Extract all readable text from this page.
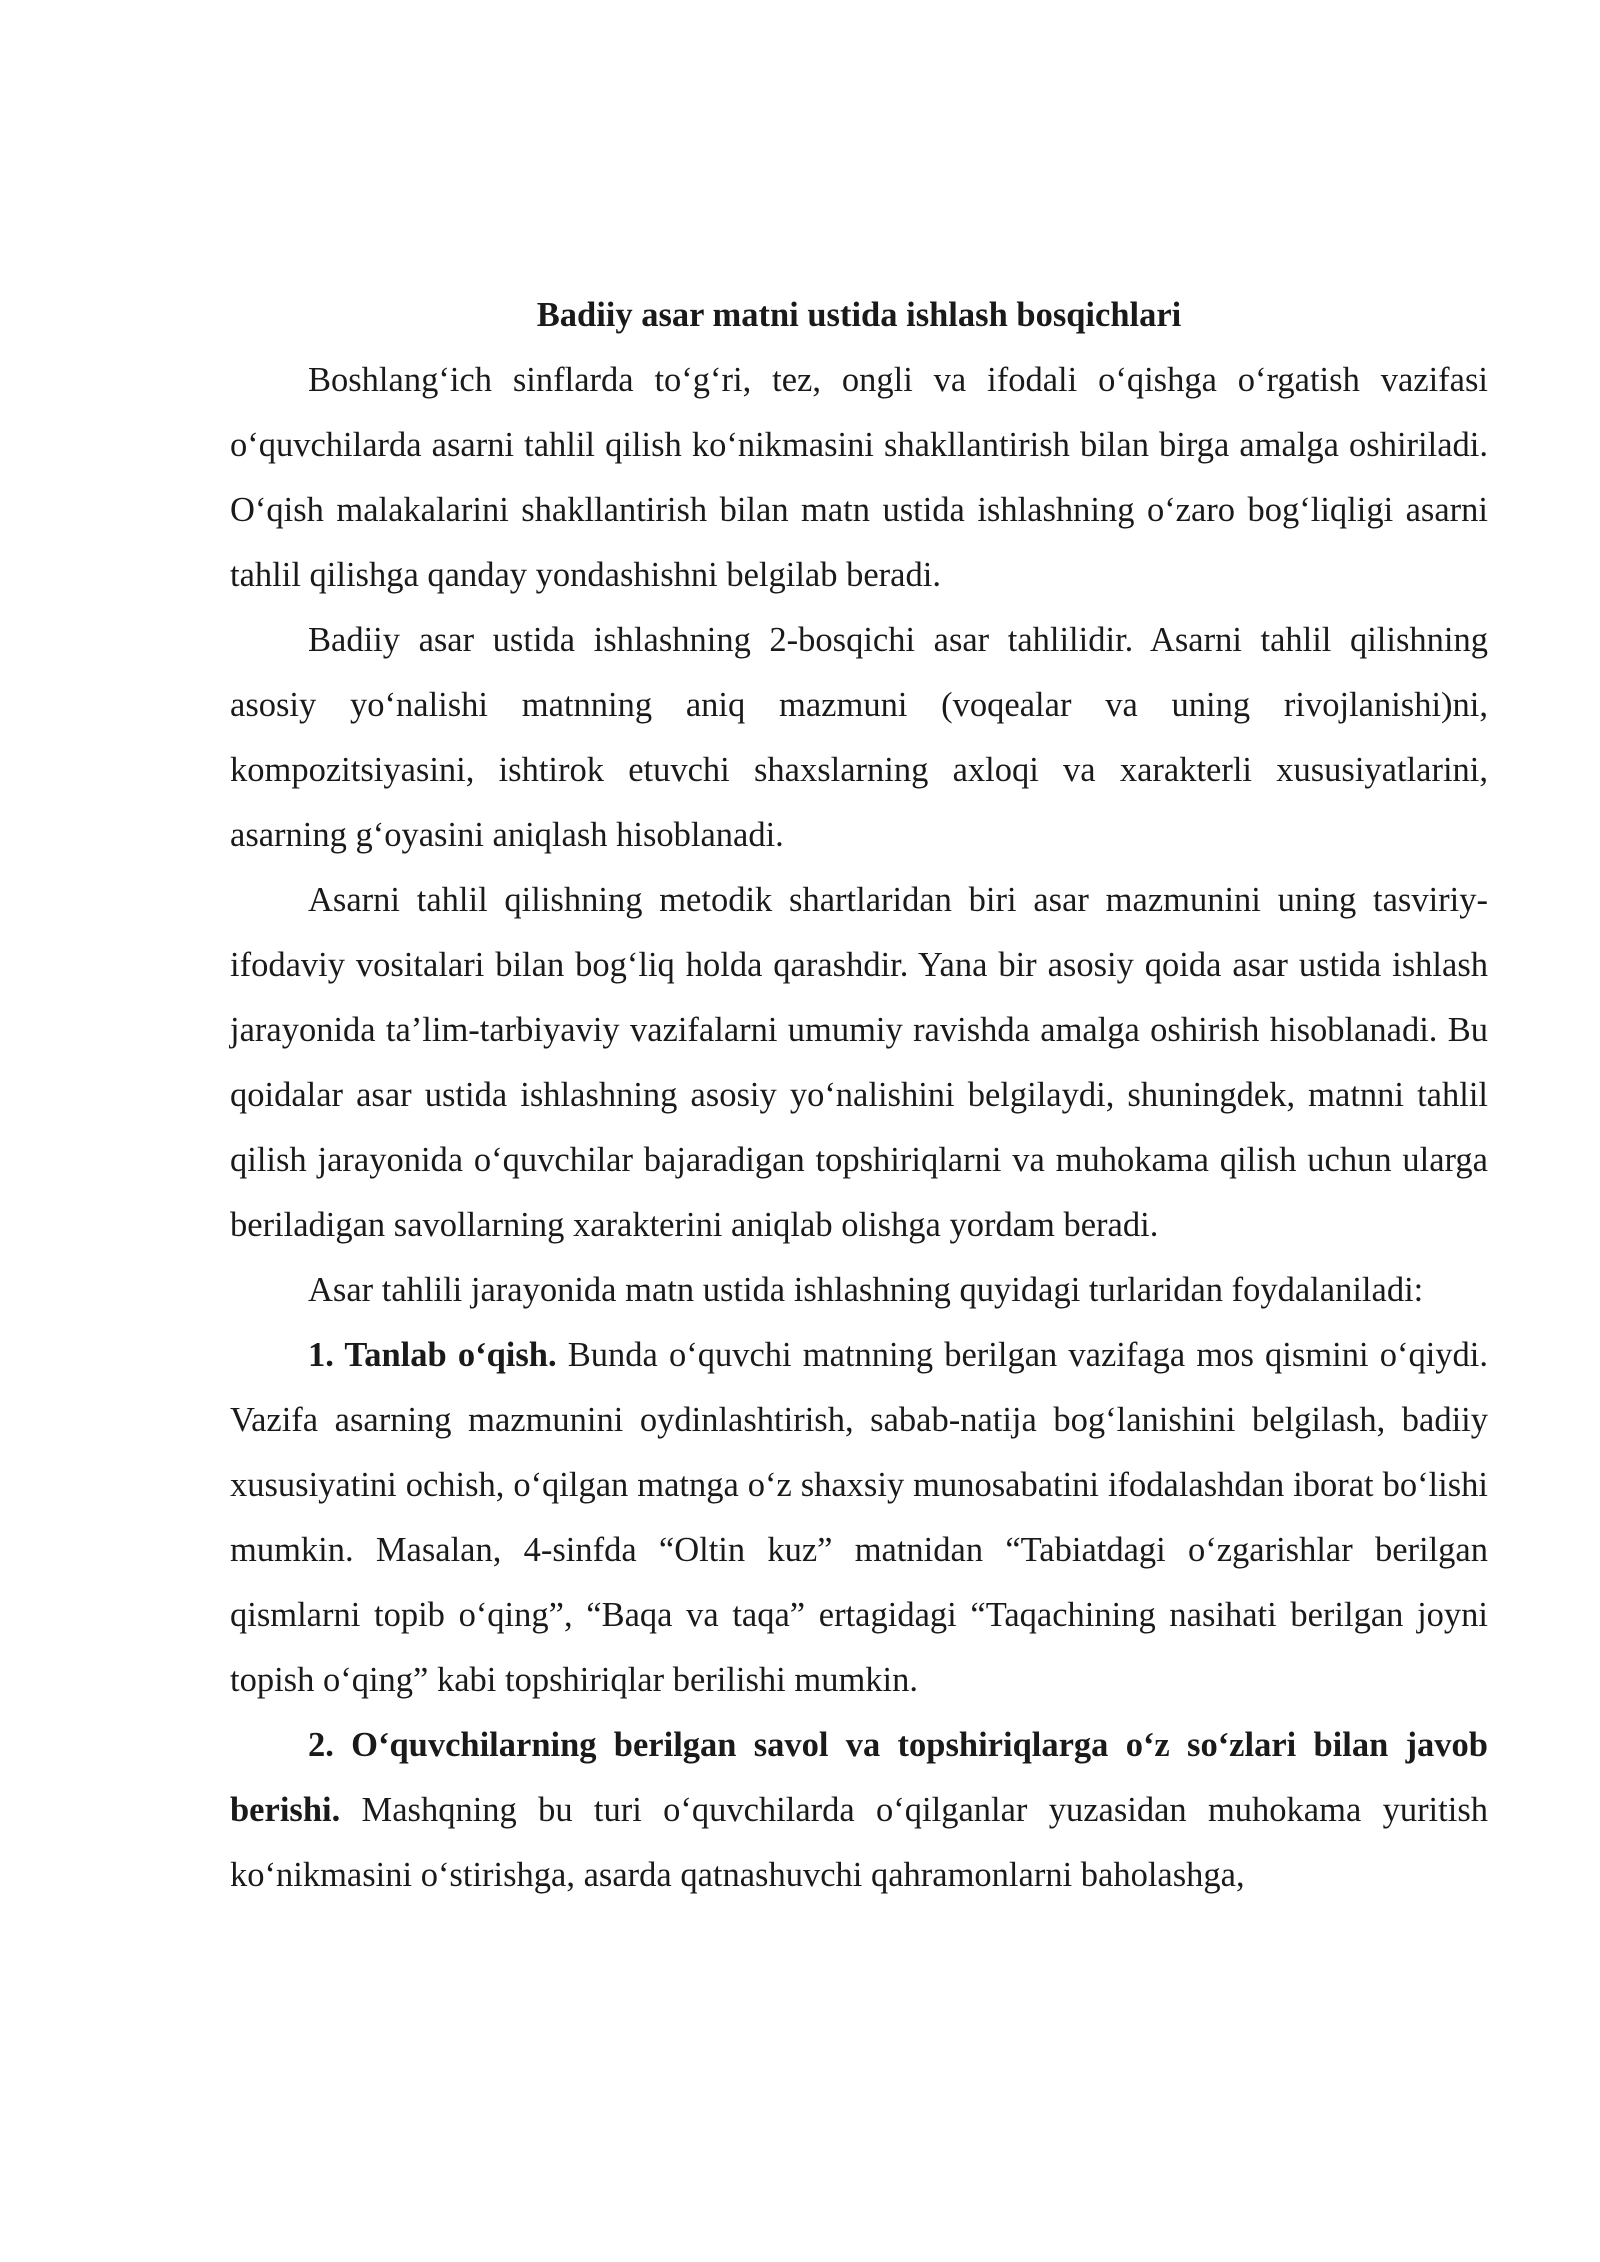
Badiiy asar matni ustida ishlash bosqichlari

Boshlang‘ich sinflarda to‘g‘ri, tez, ongli va ifodali o‘qishga o‘rgatish vazifasi o‘quvchilarda asarni tahlil qilish ko‘nikmasini shakllantirish bilan birga amalga oshiriladi. O‘qish malakalarini shakllantirish bilan matn ustida ishlashning o‘zaro bog‘liqligi asarni tahlil qilishga qanday yondashishni belgilab beradi.

Badiiy asar ustida ishlashning 2-bosqichi asar tahlilidir. Asarni tahlil qilishning asosiy yo‘nalishi matnning aniq mazmuni (voqealar va uning rivojlanishi)ni, kompozitsiyasini, ishtirok etuvchi shaxslarning axloqi va xarakterli xususiyatlarini, asarning g‘oyasini aniqlash hisoblanadi.

Asarni tahlil qilishning metodik shartlaridan biri asar mazmunini uning tasviriy-ifodaviy vositalari bilan bog‘liq holda qarashdir. Yana bir asosiy qoida asar ustida ishlash jarayonida ta’lim-tarbiyaviy vazifalarni umumiy ravishda amalga oshirish hisoblanadi. Bu qoidalar asar ustida ishlashning asosiy yo‘nalishini belgilaydi, shuningdek, matnni tahlil qilish jarayonida o‘quvchilar bajaradigan topshiriqlarni va muhokama qilish uchun ularga beriladigan savollarning xarakterini aniqlab olishga yordam beradi.

Asar tahlili jarayonida matn ustida ishlashning quyidagi turlaridan foydalaniladi:

1. Tanlab o‘qish. Bunda o‘quvchi matnning berilgan vazifaga mos qismini o‘qiydi. Vazifa asarning mazmunini oydinlashtirish, sabab-natija bog‘lanishini belgilash, badiiy xususiyatini ochish, o‘qilgan matnga o‘z shaxsiy munosabatini ifodalashdan iborat bo‘lishi mumkin. Masalan, 4-sinfda “Oltin kuz” matnidan “Tabiatdagi o‘zgarishlar berilgan qismlarni topib o‘qing”, “Baqa va taqa” ertagidagi “Taqachining nasihati berilgan joyni topish o‘qing” kabi topshiriqlar berilishi mumkin.

2. O‘quvchilarning berilgan savol va topshiriqlarga o‘z so‘zlari bilan javob berishi. Mashqning bu turi o‘quvchilarda o‘qilganlar yuzasidan muhokama yuritish ko‘nikmasini o‘stirishga, asarda qatnashuvchi qahramonlarni baholashga,
